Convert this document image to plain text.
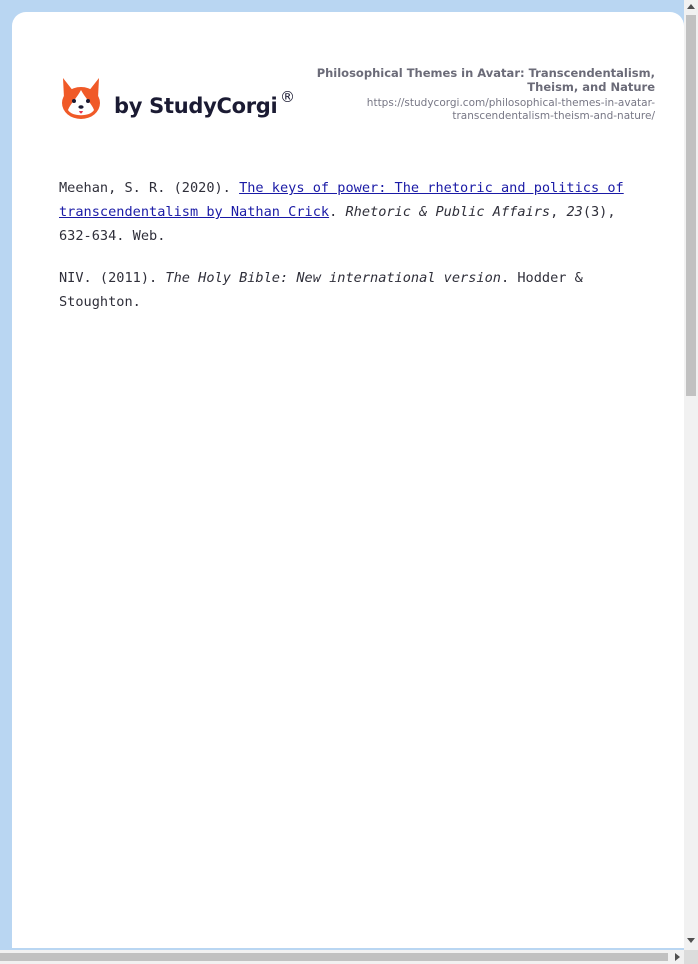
by StudyCorgi ®

Philosophical Themes in Avatar: Transcendentalism, Theism, and Nature

https://studycorgi.com/philosophical-themes-in-avatar-transcendentalism-theism-and-nature/

Meehan, S. R. (2020). The keys of power: The rhetoric and politics of transcendentalism by Nathan Crick. Rhetoric & Public Affairs, 23(3), 632-634. Web.

NIV. (2011). The Holy Bible: New international version. Hodder & Stoughton.
